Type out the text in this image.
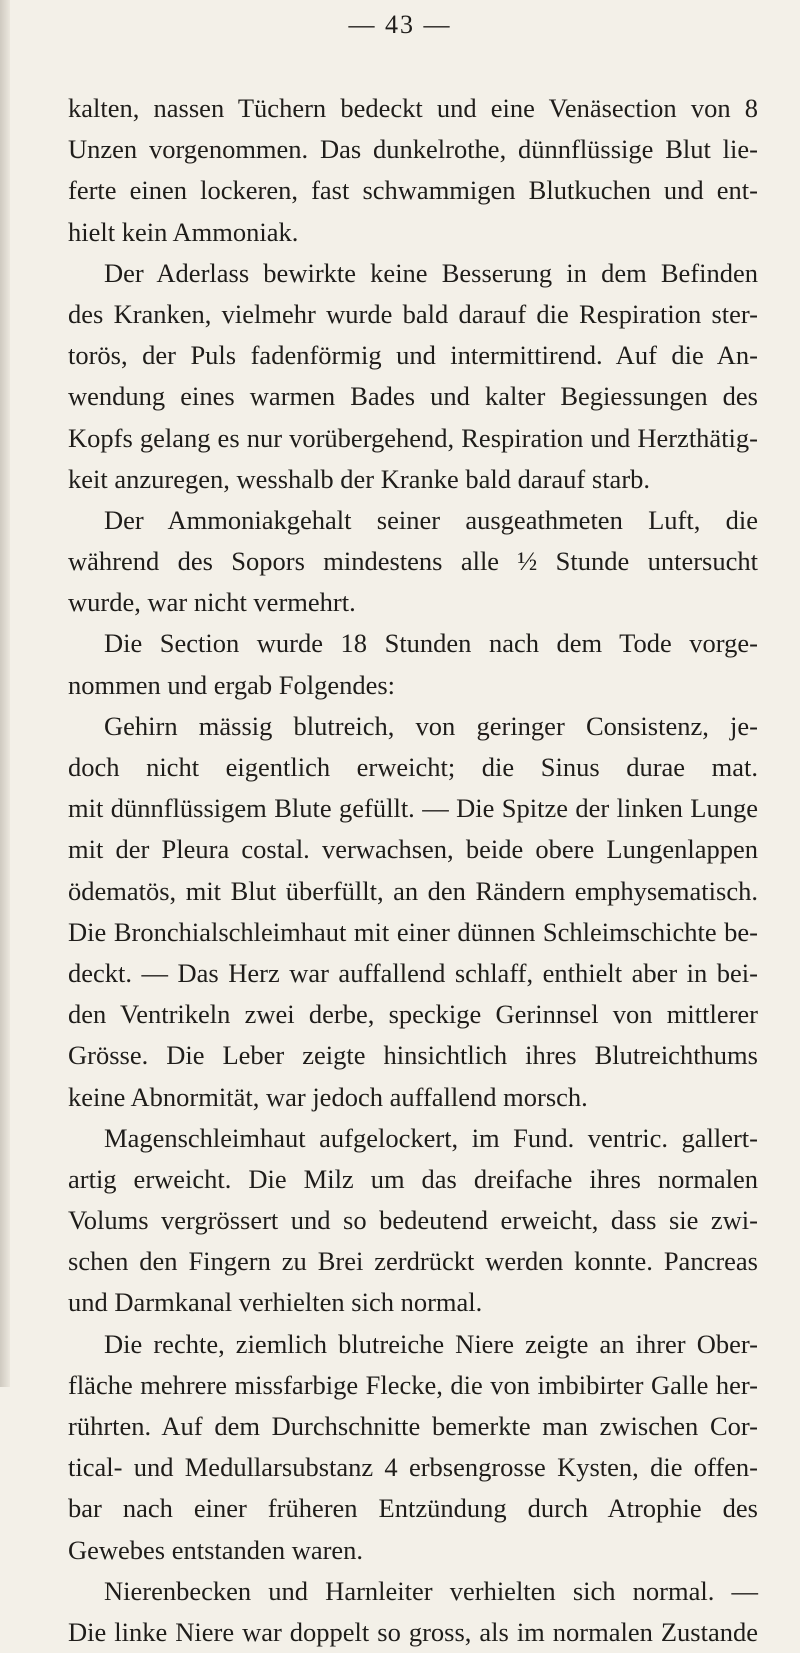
— 43 —
kalten, nassen Tüchern bedeckt und eine Venäsection von 8
Unzen vorgenommen. Das dunkelrothe, dünnflüssige Blut lie-
ferte einen lockeren, fast schwammigen Blutkuchen und ent-
hielt kein Ammoniak.
Der Aderlass bewirkte keine Besserung in dem Befinden
des Kranken, vielmehr wurde bald darauf die Respiration ster-
torös, der Puls fadenförmig und intermittirend. Auf die An-
wendung eines warmen Bades und kalter Begiessungen des
Kopfs gelang es nur vorübergehend, Respiration und Herzthätig-
keit anzuregen, wesshalb der Kranke bald darauf starb.
Der Ammoniakgehalt seiner ausgeathmeten Luft, die
während des Sopors mindestens alle ½ Stunde untersucht
wurde, war nicht vermehrt.
Die Section wurde 18 Stunden nach dem Tode vorge-
nommen und ergab Folgendes:
Gehirn mässig blutreich, von geringer Consistenz, je-
doch nicht eigentlich erweicht; die Sinus durae mat.
mit dünnflüssigem Blute gefüllt. — Die Spitze der linken Lunge
mit der Pleura costal. verwachsen, beide obere Lungenlappen
ödematös, mit Blut überfüllt, an den Rändern emphysematisch.
Die Bronchialschleimhaut mit einer dünnen Schleimschichte be-
deckt. — Das Herz war auffallend schlaff, enthielt aber in bei-
den Ventrikeln zwei derbe, speckige Gerinnsel von mittlerer
Grösse. Die Leber zeigte hinsichtlich ihres Blutreichthums
keine Abnormität, war jedoch auffallend morsch.
Magenschleimhaut aufgelockert, im Fund. ventric. gallert-
artig erweicht. Die Milz um das dreifache ihres normalen
Volums vergrössert und so bedeutend erweicht, dass sie zwi-
schen den Fingern zu Brei zerdrückt werden konnte. Pancreas
und Darmkanal verhielten sich normal.
Die rechte, ziemlich blutreiche Niere zeigte an ihrer Ober-
fläche mehrere missfarbige Flecke, die von imbibirter Galle her-
rührten. Auf dem Durchschnitte bemerkte man zwischen Cor-
tical- und Medullarsubstanz 4 erbsengrosse Kysten, die offen-
bar nach einer früheren Entzündung durch Atrophie des
Gewebes entstanden waren.
Nierenbecken und Harnleiter verhielten sich normal. —
Die linke Niere war doppelt so gross, als im normalen Zustande
